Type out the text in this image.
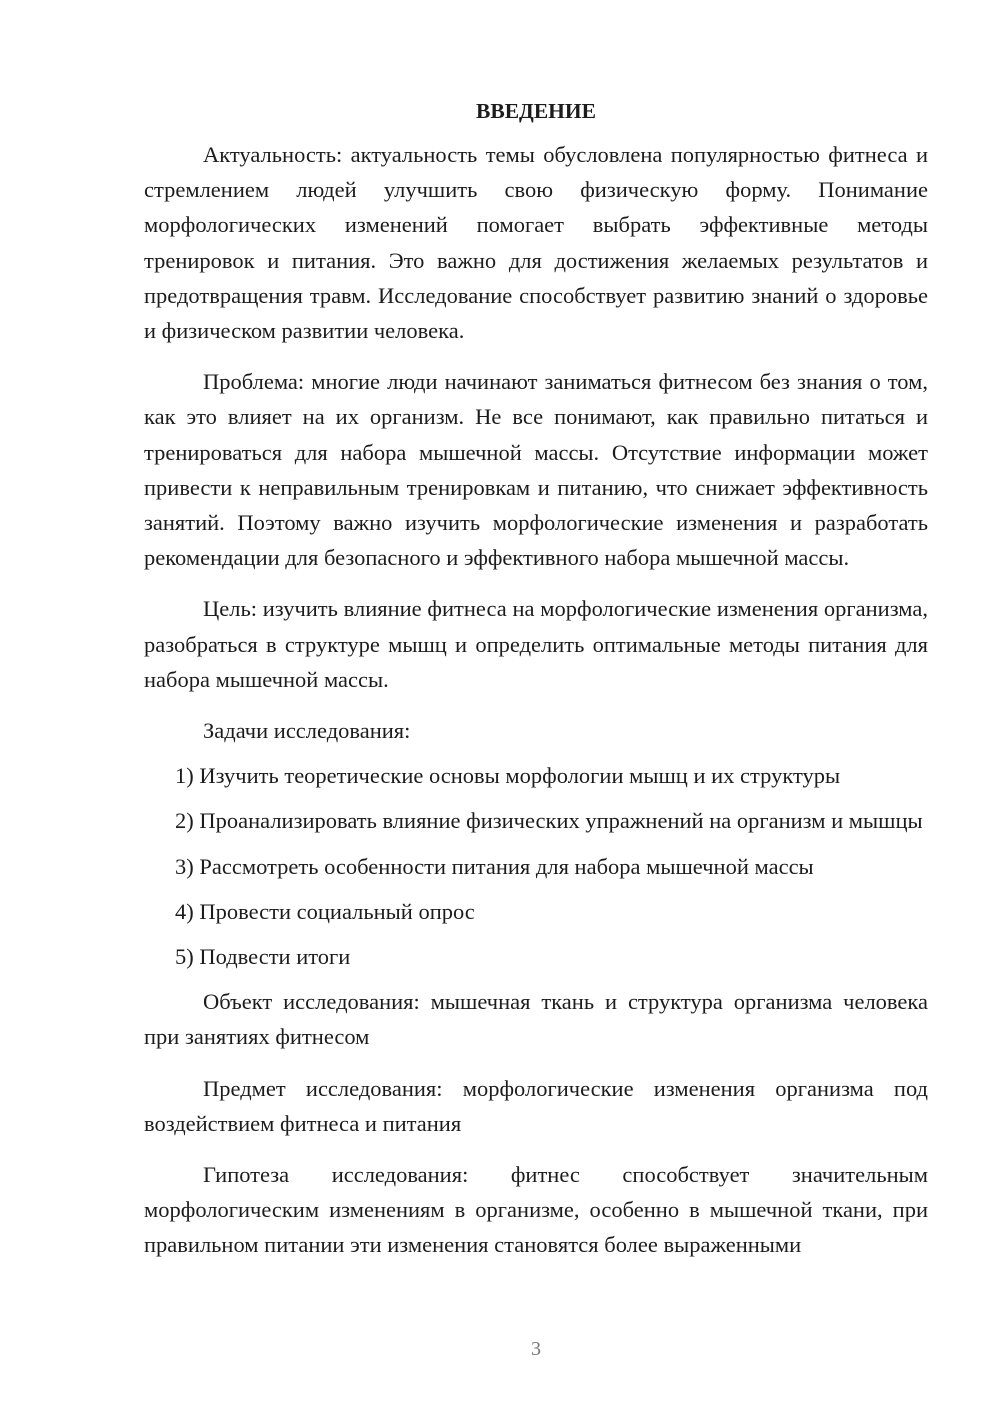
ВВЕДЕНИЕ

Актуальность: актуальность темы обусловлена популярностью фитнеса и стремлением людей улучшить свою физическую форму. Понимание морфологических изменений помогает выбрать эффективные методы тренировок и питания. Это важно для достижения желаемых результатов и предотвращения травм. Исследование способствует развитию знаний о здоровье и физическом развитии человека.

Проблема: многие люди начинают заниматься фитнесом без знания о том, как это влияет на их организм. Не все понимают, как правильно питаться и тренироваться для набора мышечной массы. Отсутствие информации может привести к неправильным тренировкам и питанию, что снижает эффективность занятий. Поэтому важно изучить морфологические изменения и разработать рекомендации для безопасного и эффективного набора мышечной массы.

Цель: изучить влияние фитнеса на морфологические изменения организма, разобраться в структуре мышц и определить оптимальные методы питания для набора мышечной массы.

Задачи исследования:
1) Изучить теоретические основы морфологии мышц и их структуры
2) Проанализировать влияние физических упражнений на организм и мышцы
3) Рассмотреть особенности питания для набора мышечной массы
4) Провести социальный опрос
5) Подвести итоги

Объект исследования: мышечная ткань и структура организма человека при занятиях фитнесом

Предмет исследования: морфологические изменения организма под воздействием фитнеса и питания

Гипотеза исследования: фитнес способствует значительным морфологическим изменениям в организме, особенно в мышечной ткани, при правильном питании эти изменения становятся более выраженными

3
